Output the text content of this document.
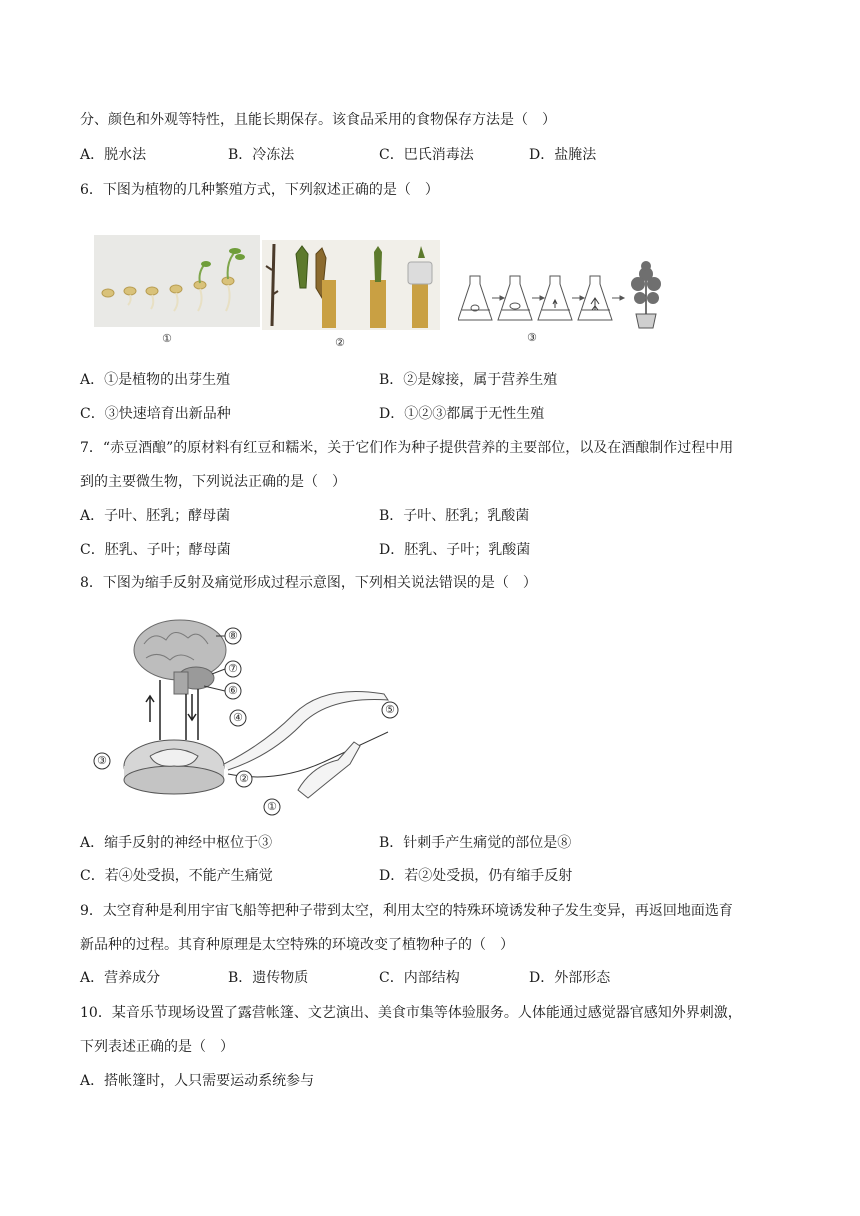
分、颜色和外观等特性，且能长期保存。该食品采用的食物保存方法是（　）
A．脱水法	B．冷冻法	C．巴氏消毒法	D．盐腌法
6．下图为植物的几种繁殖方式，下列叙述正确的是（　）
①	②	③
A．①是植物的出芽生殖	B．②是嫁接，属于营养生殖
C．③快速培育出新品种	D．①②③都属于无性生殖
7．“赤豆酒酿”的原材料有红豆和糯米，关于它们作为种子提供营养的主要部位，以及在酒酿制作过程中用
到的主要微生物，下列说法正确的是（　）
A．子叶、胚乳；酵母菌	B．子叶、胚乳；乳酸菌
C．胚乳、子叶；酵母菌	D．胚乳、子叶；乳酸菌
8．下图为缩手反射及痛觉形成过程示意图，下列相关说法错误的是（　）
⑧
⑦
⑥
④
⑤
③
②
①
A．缩手反射的神经中枢位于③	B．针刺手产生痛觉的部位是⑧
C．若④处受损，不能产生痛觉	D．若②处受损，仍有缩手反射
9．太空育种是利用宇宙飞船等把种子带到太空，利用太空的特殊环境诱发种子发生变异，再返回地面选育
新品种的过程。其育种原理是太空特殊的环境改变了植物种子的（　）
A．营养成分	B．遗传物质	C．内部结构	D．外部形态
10．某音乐节现场设置了露营帐篷、文艺演出、美食市集等体验服务。人体能通过感觉器官感知外界刺激，
下列表述正确的是（　）
A．搭帐篷时，人只需要运动系统参与
